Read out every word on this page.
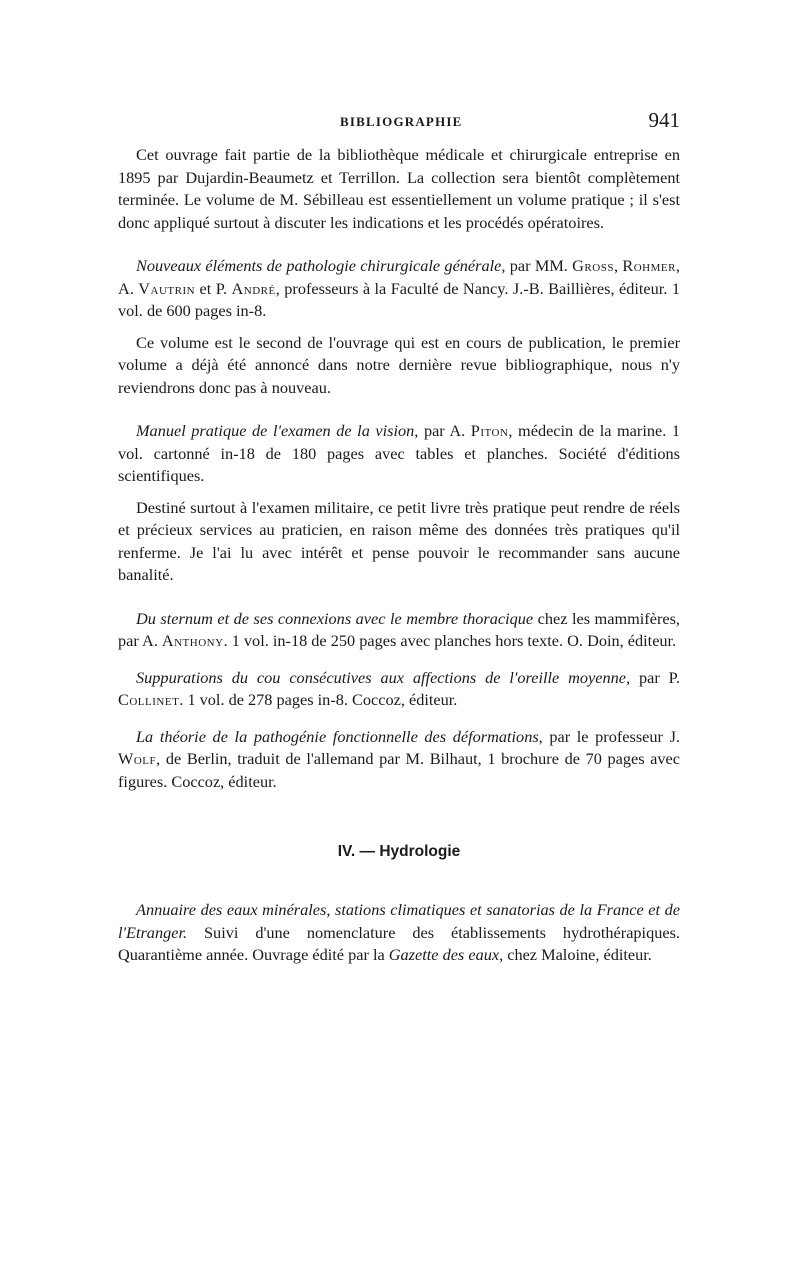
BIBLIOGRAPHIE	941

Cet ouvrage fait partie de la bibliothèque médicale et chirurgicale entreprise en 1895 par Dujardin-Beaumetz et Terrillon. La collection sera bientôt complètement terminée. Le volume de M. Sébilleau est essentiellement un volume pratique ; il s'est donc appliqué surtout à discuter les indications et les procédés opératoires.

Nouveaux éléments de pathologie chirurgicale générale, par MM. Gross, Rohmer, A. Vautrin et P. André, professeurs à la Faculté de Nancy. J.-B. Baillières, éditeur. 1 vol. de 600 pages in-8.

Ce volume est le second de l'ouvrage qui est en cours de publication, le premier volume a déjà été annoncé dans notre dernière revue bibliographique, nous n'y reviendrons donc pas à nouveau.

Manuel pratique de l'examen de la vision, par A. Piton, médecin de la marine. 1 vol. cartonné in-18 de 180 pages avec tables et planches. Société d'éditions scientifiques.

Destiné surtout à l'examen militaire, ce petit livre très pratique peut rendre de réels et précieux services au praticien, en raison même des données très pratiques qu'il renferme. Je l'ai lu avec intérêt et pense pouvoir le recommander sans aucune banalité.

Du sternum et de ses connexions avec le membre thoracique chez les mammifères, par A. Anthony. 1 vol. in-18 de 250 pages avec planches hors texte. O. Doin, éditeur.

Suppurations du cou consécutives aux affections de l'oreille moyenne, par P. Collinet. 1 vol. de 278 pages in-8. Coccoz, éditeur.

La théorie de la pathogénie fonctionnelle des déformations, par le professeur J. Wolf, de Berlin, traduit de l'allemand par M. Bilhaut, 1 brochure de 70 pages avec figures. Coccoz, éditeur.

IV. — Hydrologie

Annuaire des eaux minérales, stations climatiques et sanatorias de la France et de l'Etranger. Suivi d'une nomenclature des établissements hydrothérapiques. Quarantième année. Ouvrage édité par la Gazette des eaux, chez Maloine, éditeur.
